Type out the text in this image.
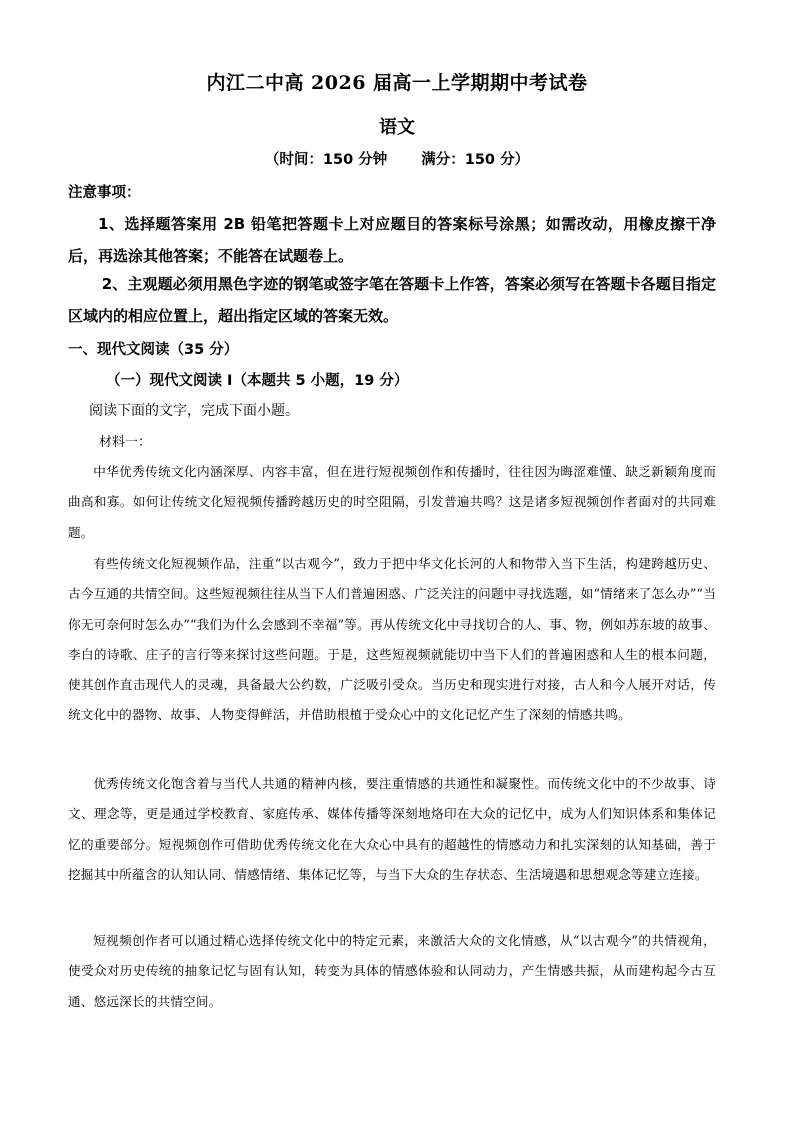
内江二中高 2026 届高一上学期期中考试卷
语文
（时间：150 分钟 满分：150 分）
注意事项：
1、选择题答案用 2B 铅笔把答题卡上对应题目的答案标号涂黑；如需改动，用橡皮擦干净后，再选涂其他答案；不能答在试题卷上。
2、主观题必须用黑色字迹的钢笔或签字笔在答题卡上作答，答案必须写在答题卡各题目指定区域内的相应位置上，超出指定区域的答案无效。
一、现代文阅读（35 分）
（一）现代文阅读 I（本题共 5 小题，19 分）
阅读下面的文字，完成下面小题。
材料一：
中华优秀传统文化内涵深厚、内容丰富，但在进行短视频创作和传播时，往往因为晦涩难懂、缺乏新颖角度而曲高和寡。如何让传统文化短视频传播跨越历史的时空阻隔，引发普遍共鸣？这是诸多短视频创作者面对的共同难题。
有些传统文化短视频作品，注重“以古观今”，致力于把中华文化长河的人和物带入当下生活，构建跨越历史、古今互通的共情空间。这些短视频往往从当下人们普遍困惑、广泛关注的问题中寻找选题，如“情绪来了怎么办”“当你无可奈何时怎么办”“我们为什么会感到不幸福”等。再从传统文化中寻找切合的人、事、物，例如苏东坡的故事、李白的诗歌、庄子的言行等来探讨这些问题。于是，这些短视频就能切中当下人们的普遍困惑和人生的根本问题，使其创作直击现代人的灵魂，具备最大公约数，广泛吸引受众。当历史和现实进行对接，古人和今人展开对话，传统文化中的器物、故事、人物变得鲜活，并借助根植于受众心中的文化记忆产生了深刻的情感共鸣。
优秀传统文化饱含着与当代人共通的精神内核，要注重情感的共通性和凝聚性。而传统文化中的不少故事、诗文、理念等，更是通过学校教育、家庭传承、媒体传播等深刻地烙印在大众的记忆中，成为人们知识体系和集体记忆的重要部分。短视频创作可借助优秀传统文化在大众心中具有的超越性的情感动力和扎实深刻的认知基础，善于挖掘其中所蕴含的认知认同、情感情绪、集体记忆等，与当下大众的生存状态、生活境遇和思想观念等建立连接。
短视频创作者可以通过精心选择传统文化中的特定元素，来激活大众的文化情感，从“以古观今”的共情视角，使受众对历史传统的抽象记忆与固有认知，转变为具体的情感体验和认同动力，产生情感共振，从而建构起今古互通、悠远深长的共情空间。
